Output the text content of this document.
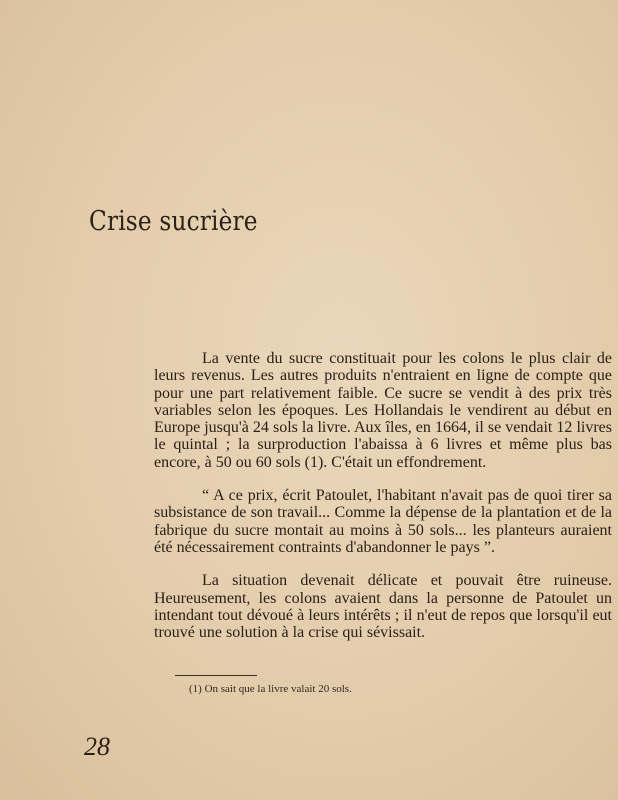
Crise sucrière

La vente du sucre constituait pour les colons le plus clair de leurs revenus. Les autres produits n'entraient en ligne de compte que pour une part relativement faible. Ce sucre se vendit à des prix très variables selon les époques. Les Hollandais le vendirent au début en Europe jusqu'à 24 sols la livre. Aux îles, en 1664, il se vendait 12 livres le quintal ; la surproduction l'abaissa à 6 livres et même plus bas encore, à 50 ou 60 sols (1). C'était un effondrement.

“ A ce prix, écrit Patoulet, l'habitant n'avait pas de quoi tirer sa subsistance de son travail... Comme la dépense de la plantation et de la fabrique du sucre montait au moins à 50 sols... les planteurs auraient été nécessairement contraints d'abandonner le pays ”.

La situation devenait délicate et pouvait être ruineuse. Heureusement, les colons avaient dans la personne de Patoulet un intendant tout dévoué à leurs intérêts ; il n'eut de repos que lorsqu'il eut trouvé une solution à la crise qui sévissait.

(1) On sait que la livre valait 20 sols.
28
